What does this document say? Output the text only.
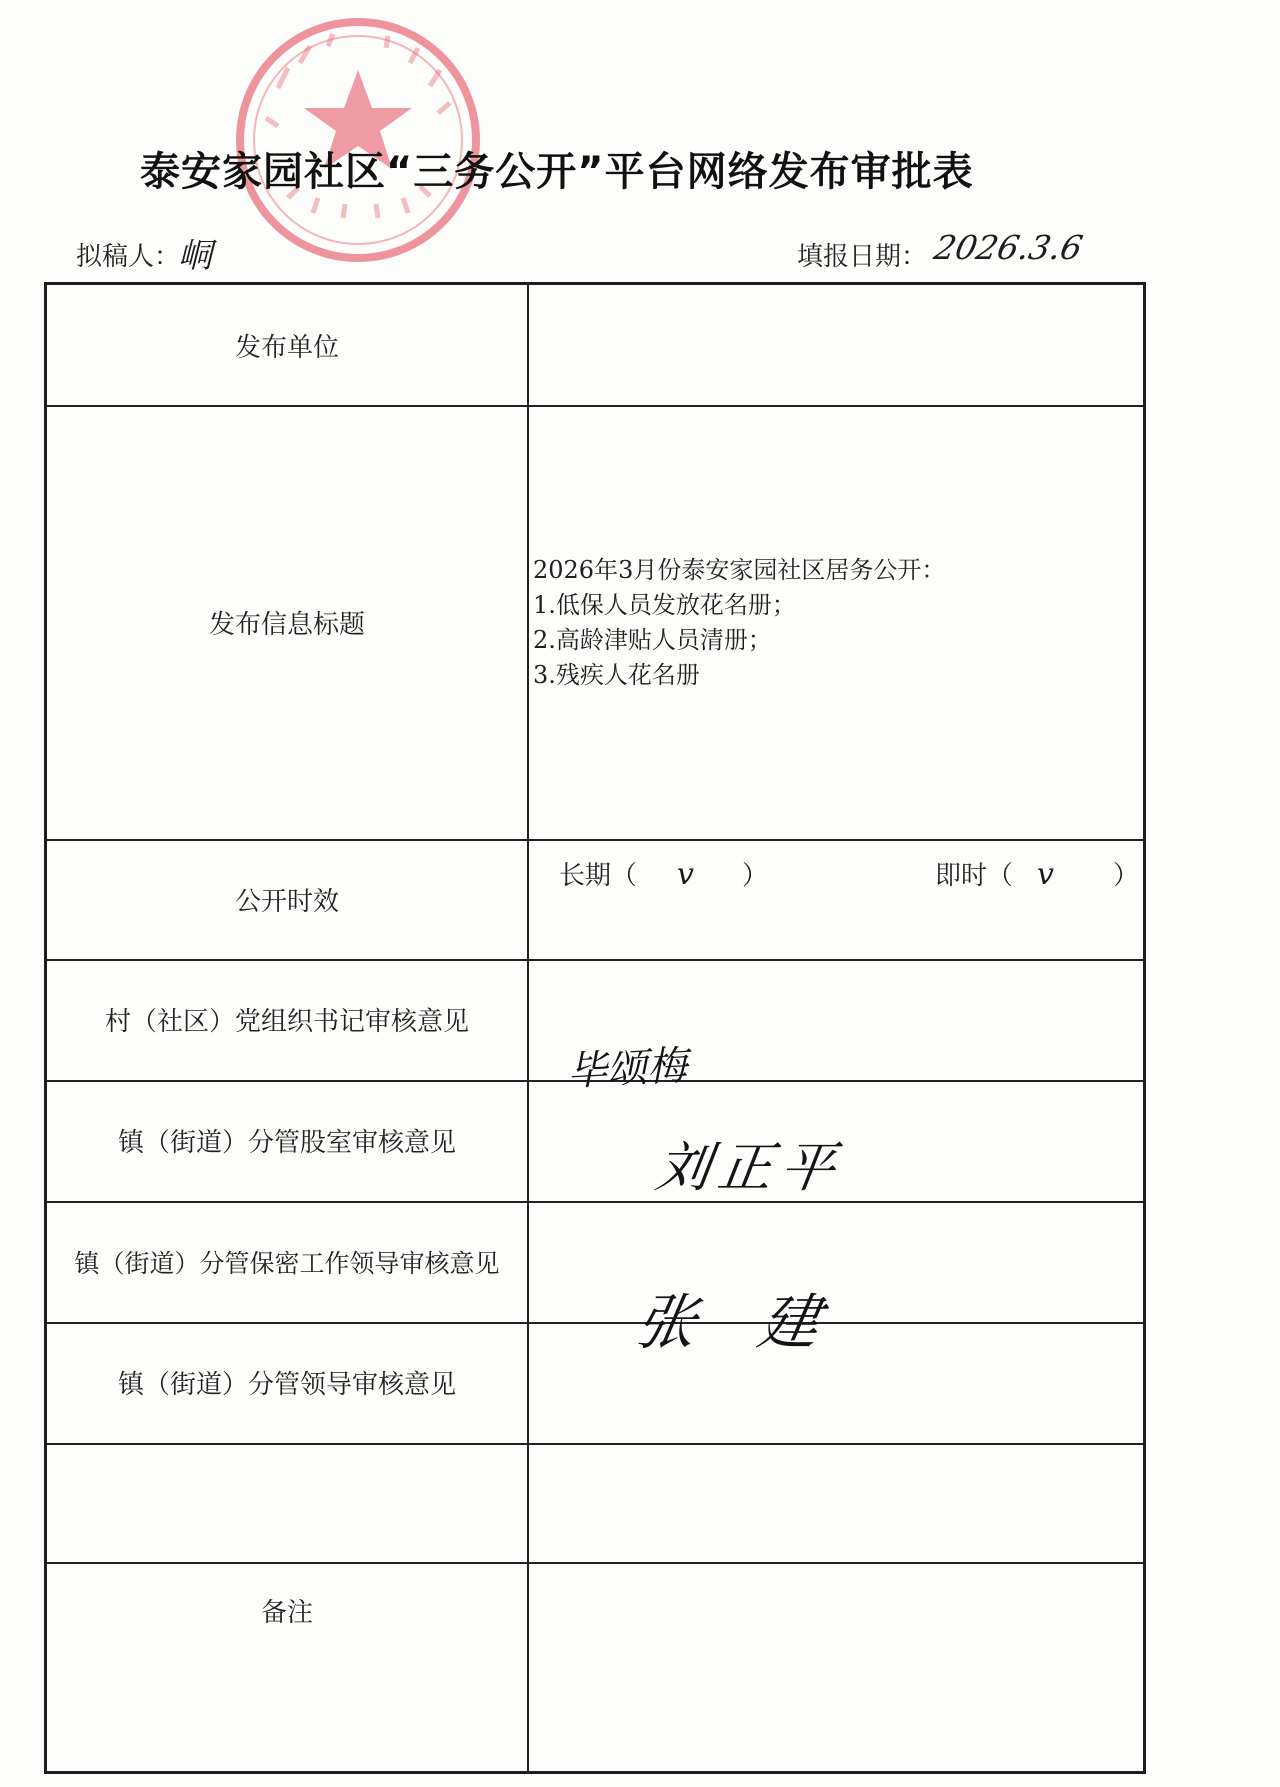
泰安家园社区“三务公开”平台网络发布审批表
拟稿人：
峒	填报日期： 2026.3.6
发布单位
发布信息标题
公开时效
村（社区）党组织书记审核意见
镇（街道）分管股室审核意见
镇（街道）分管保密工作领导审核意见
镇（街道）分管领导审核意见
备注
2026年3月份泰安家园社区居务公开：
1.低保人员发放花名册；
2.高龄津贴人员清册；
3.残疾人花名册
长期（ v ）	即时（ v ）
毕颂梅
刘正平
张 建
